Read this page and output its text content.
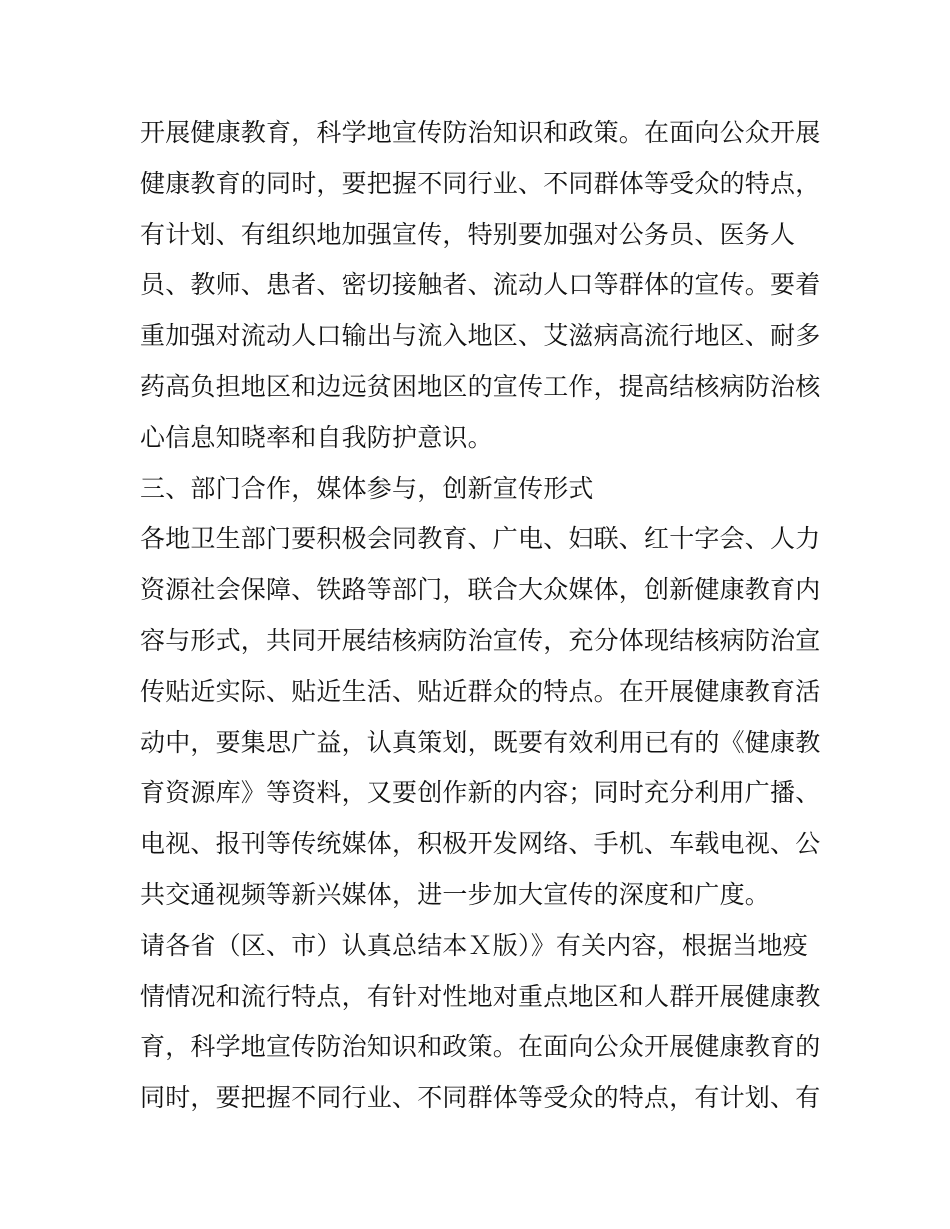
开展健康教育，科学地宣传防治知识和政策。在面向公众开展
健康教育的同时，要把握不同行业、不同群体等受众的特点，
有计划、有组织地加强宣传，特别要加强对公务员、医务人
员、教师、患者、密切接触者、流动人口等群体的宣传。要着
重加强对流动人口输出与流入地区、艾滋病高流行地区、耐多
药高负担地区和边远贫困地区的宣传工作，提高结核病防治核
心信息知晓率和自我防护意识。
三、部门合作，媒体参与，创新宣传形式
各地卫生部门要积极会同教育、广电、妇联、红十字会、人力
资源社会保障、铁路等部门，联合大众媒体，创新健康教育内
容与形式，共同开展结核病防治宣传，充分体现结核病防治宣
传贴近实际、贴近生活、贴近群众的特点。在开展健康教育活
动中，要集思广益，认真策划，既要有效利用已有的《健康教
育资源库》等资料，又要创作新的内容；同时充分利用广播、
电视、报刊等传统媒体，积极开发网络、手机、车载电视、公
共交通视频等新兴媒体，进一步加大宣传的深度和广度。
请各省（区、市）认真总结本Ｘ版）》有关内容，根据当地疫
情情况和流行特点，有针对性地对重点地区和人群开展健康教
育，科学地宣传防治知识和政策。在面向公众开展健康教育的
同时，要把握不同行业、不同群体等受众的特点，有计划、有
